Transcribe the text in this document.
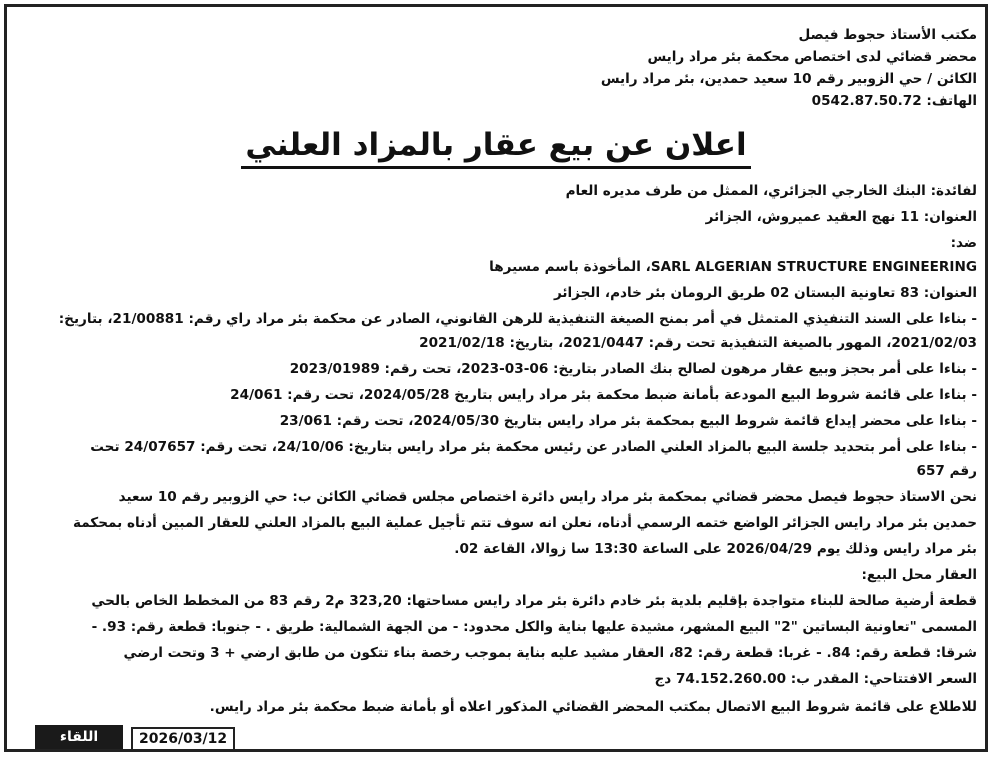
مكتب الأستاذ حجوط فيصل
محضر قضائي لدى اختصاص محكمة بئر مراد رايس
الكائن / حي الزوبير رقم 10 سعيد حمدين، بئر مراد رايس
الهاتف: 0542.87.50.72
اعلان عن بيع عقار بالمزاد العلني
لفائدة: البنك الخارجي الجزائري، الممثل من طرف مديره العام
العنوان: 11 نهج العقيد عميروش، الجزائر
ضد:
SARL ALGERIAN STRUCTURE ENGINEERING، المأخوذة باسم مسيرها
العنوان: 83 تعاونية البستان 02 طريق الرومان بئر خادم، الجزائر
- بناءا على السند التنفيذي المتمثل في أمر بمنح الصيغة التنفيذية للرهن القانوني، الصادر عن محكمة بئر مراد راي رقم: 21/00881، بتاريخ:
2021/02/03، المهور بالصيغة التنفيذية تحت رقم: 2021/0447، بتاريخ: 2021/02/18
- بناءا على أمر بحجز وبيع عقار مرهون لصالح بنك الصادر بتاريخ: 06-03-2023، تحت رقم: 2023/01989
- بناءا على قائمة شروط البيع المودعة بأمانة ضبط محكمة بئر مراد رايس بتاريخ 2024/05/28، تحت رقم: 24/061
- بناءا على محضر إيداع قائمة شروط البيع بمحكمة بئر مراد رايس بتاريخ 2024/05/30، تحت رقم: 23/061
- بناءا على أمر بتحديد جلسة البيع بالمزاد العلني الصادر عن رئيس محكمة بئر مراد رايس بتاريخ: 24/10/06، تحت رقم: 24/07657 تحت
رقم 657
نحن الاستاذ حجوط فيصل محضر قضائي بمحكمة بئر مراد رايس دائرة اختصاص مجلس قضائي الكائن ب: حي الزوبير رقم 10 سعيد
حمدين بئر مراد رايس الجزائر الواضع ختمه الرسمي أدناه، نعلن انه سوف تتم تأجيل عملية البيع بالمزاد العلني للعقار المبين أدناه بمحكمة
بئر مراد رايس وذلك يوم 2026/04/29 على الساعة 13:30 سا زوالا، القاعة 02.
العقار محل البيع:
قطعة أرضية صالحة للبناء متواجدة بإقليم بلدية بئر خادم دائرة بئر مراد رايس مساحتها: 323,20 م2 رقم 83 من المخطط الخاص بالحي
المسمى "تعاونية البساتين "2" البيع المشهر، مشيدة عليها بناية والكل محدود: - من الجهة الشمالية: طريق . - جنوبا: قطعة رقم: 93. -
شرقا: قطعة رقم: 84. - غربا: قطعة رقم: 82، العقار مشيد عليه بناية بموجب رخصة بناء تتكون من طابق ارضي + 3 وتحت ارضي
السعر الافتتاحي: المقدر ب: 74.152.260.00 دج
للاطلاع على قائمة شروط البيع الاتصال بمكتب المحضر القضائي المذكور اعلاه أو بأمانة ضبط محكمة بئر مراد رايس.
اللقاء	2026/03/12
